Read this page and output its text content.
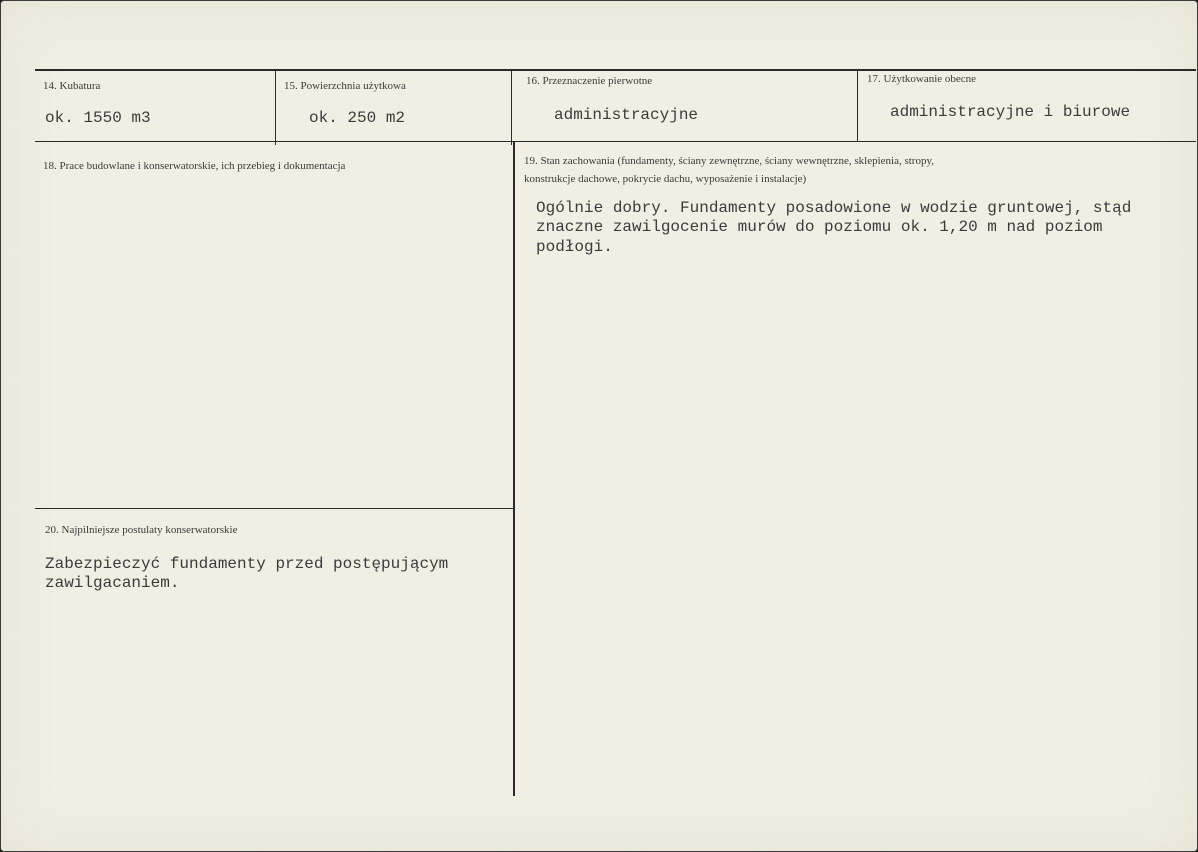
14. Kubatura
ok. 1550 m3
15. Powierzchnia użytkowa
ok. 250 m2
16. Przeznaczenie pierwotne
administracyjne
17. Użytkowanie obecne
administracyjne i biurowe
18. Prace budowlane i konserwatorskie, ich przebieg i dokumentacja	19. Stan zachowania (fundamenty, ściany zewnętrzne, ściany wewnętrzne, sklepienia, stropy,
konstrukcje dachowe, pokrycie dachu, wyposażenie i instalacje)
Ogólnie dobry. Fundamenty posadowione w wodzie gruntowej, stąd
znaczne zawilgocenie murów do poziomu ok. 1,20 m nad poziom
podłogi.
20. Najpilniejsze postulaty konserwatorskie
Zabezpieczyć fundamenty przed postępującym
zawilgacaniem.
